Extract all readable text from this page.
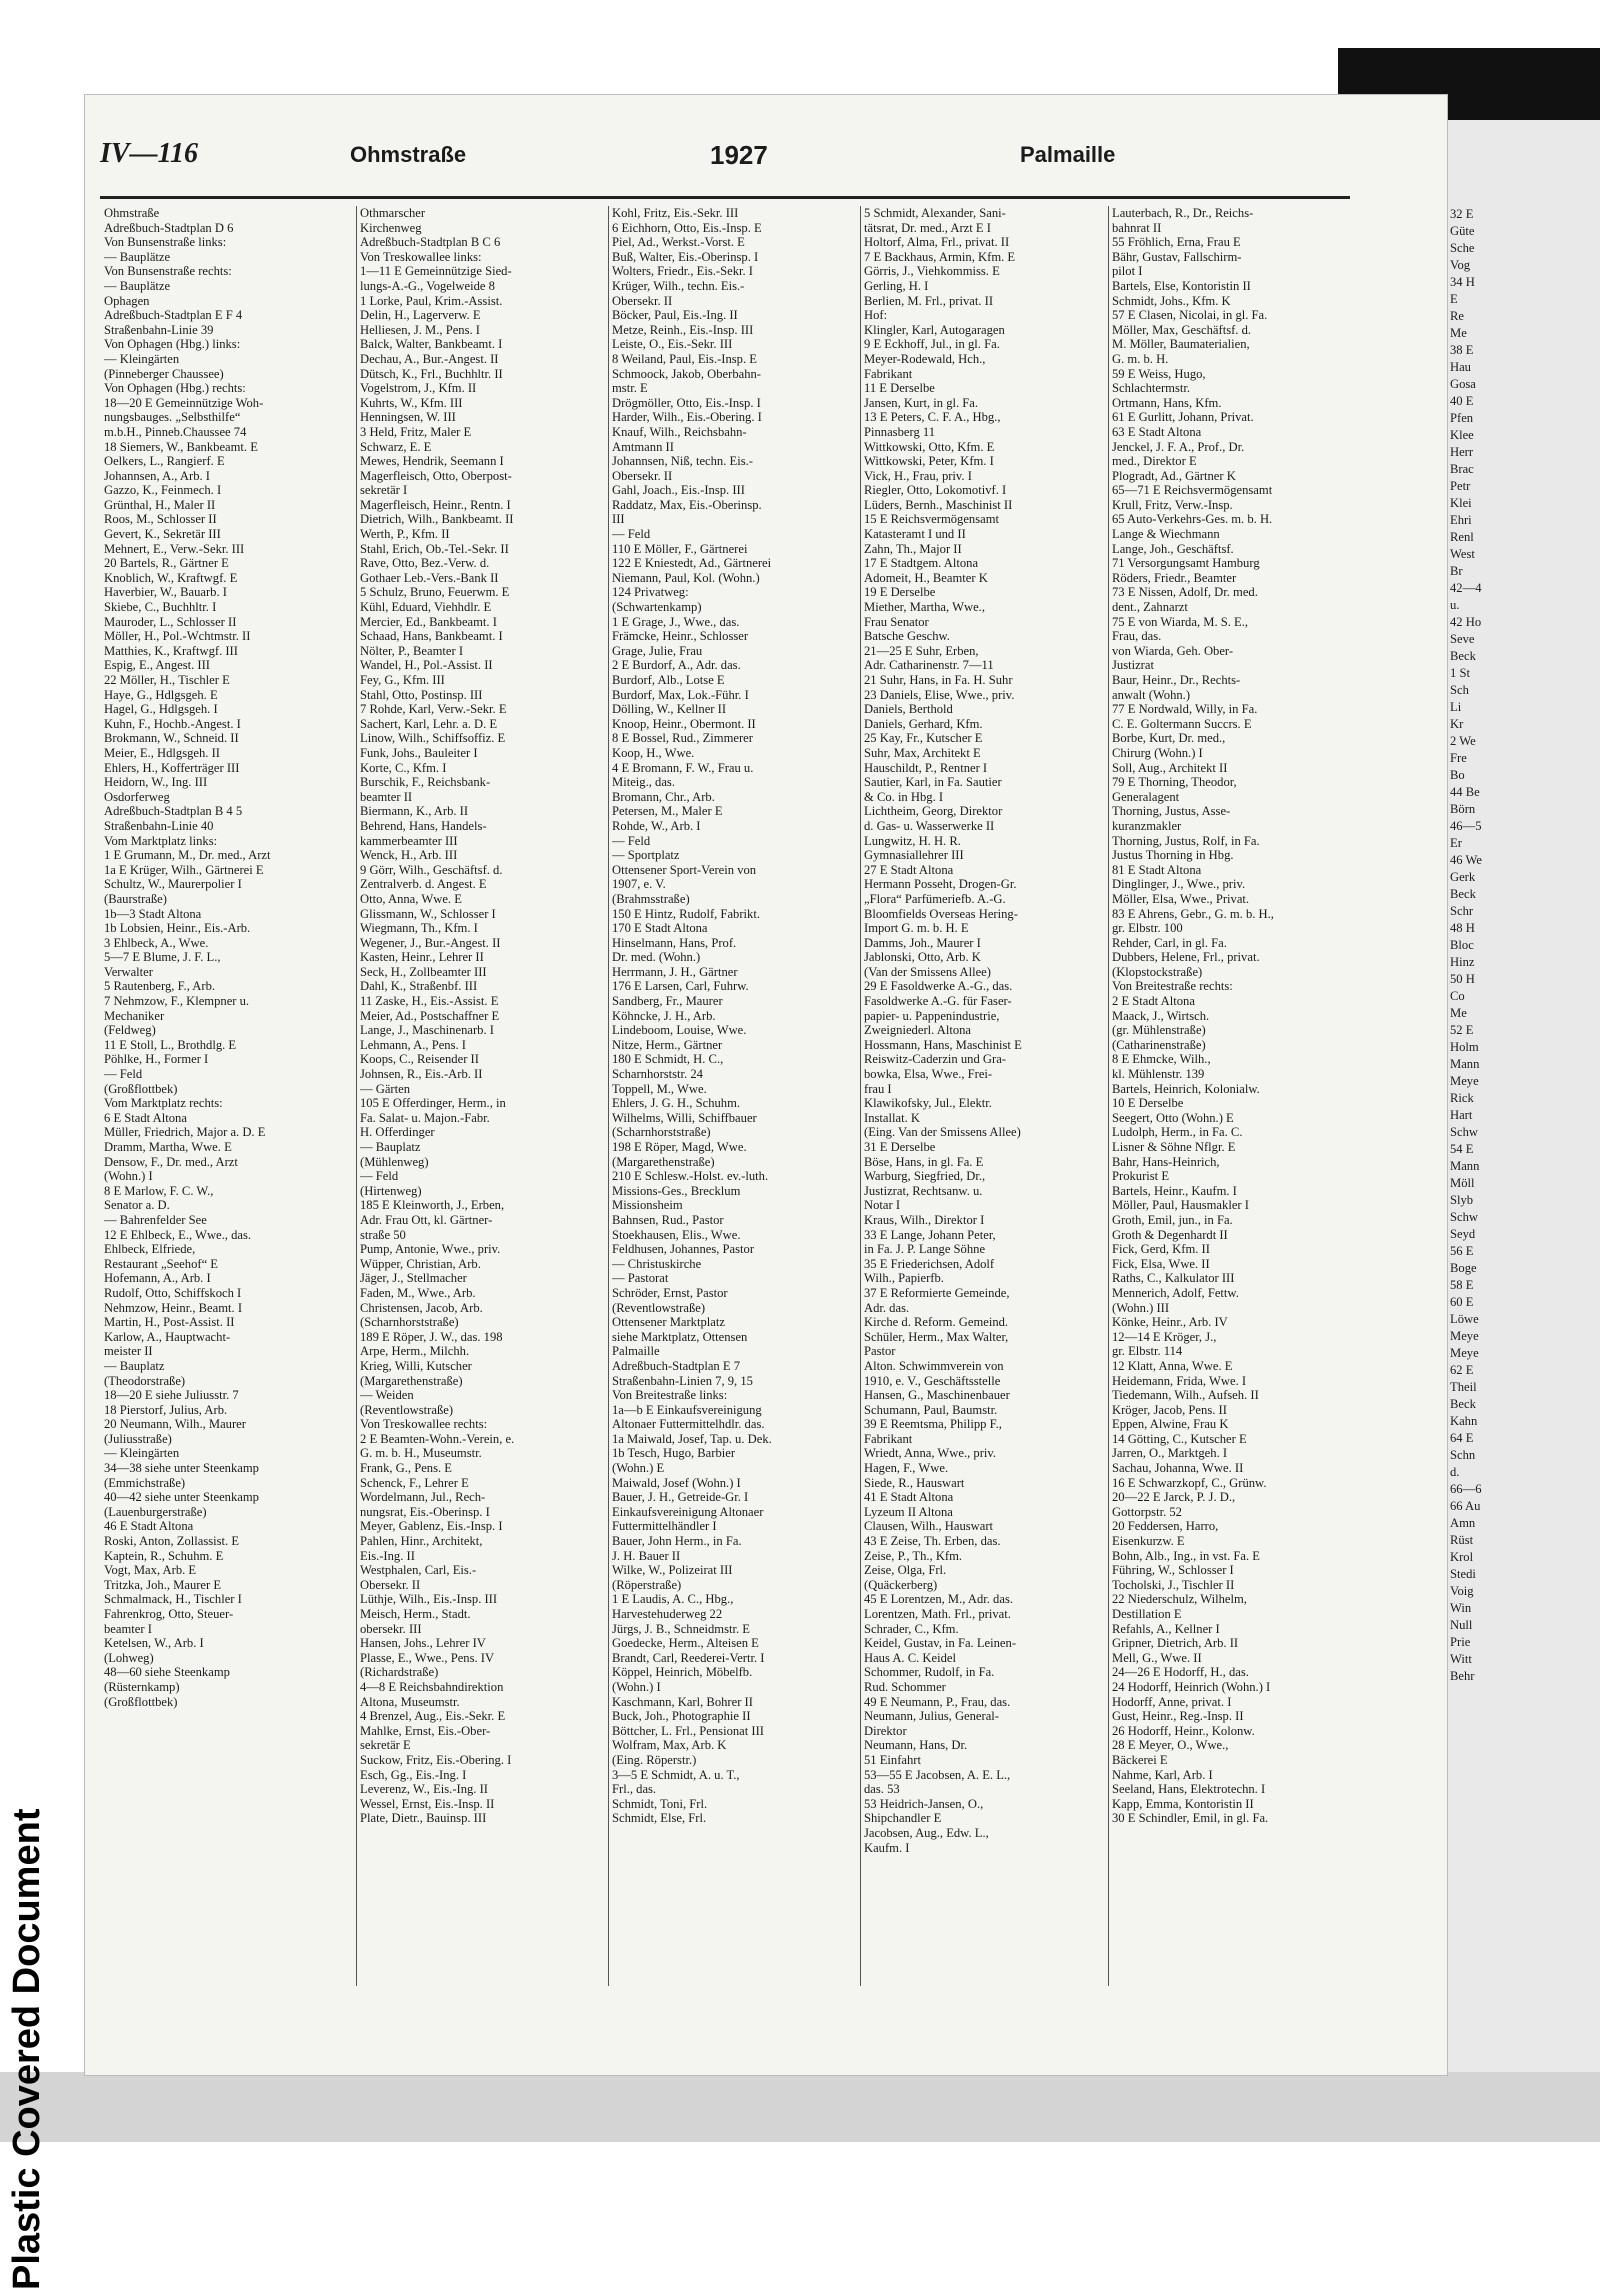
32 E
Güte
Sche
Vog
34 H
E
Re
Me
38 E
Hau
Gosa
40 E
Pfen
Klee
Herr
Brac
Petr
Klei
Ehri
Renl
West
Br
42—4
u.
42 Ho
Seve
Beck
1 St
Sch
Li
Kr
2 We
Fre
Bo
44 Be
Börn
46—5
Er
46 We
Gerk
Beck
Schr
48 H
Bloc
Hinz
50 H
Co
Me
52 E
Holm
Mann
Meye
Rick
Hart
Schw
54 E
Mann
Möll
Slyb
Schw
Seyd
56 E
Boge
58 E
60 E
Löwe
Meye
Meye
62 E
Theil
Beck
Kahn
64 E
Schn
d.
66—6
66 Au
Amn
Rüst
Krol
Stedi
Voig
Win
Null
Prie
Witt
Behr
Plastic Covered Document
IV—116	Ohmstraße	1927	Palmaille
Ohmstraße
Adreßbuch-Stadtplan D 6
Von Bunsenstraße links:
— Bauplätze
Von Bunsenstraße rechts:
— Bauplätze
Ophagen
Adreßbuch-Stadtplan E F 4
Straßenbahn-Linie 39
Von Ophagen (Hbg.) links:
— Kleingärten
(Pinneberger Chaussee)
Von Ophagen (Hbg.) rechts:
18—20 E Gemeinnützige Woh-
nungsbauges. „Selbsthilfe“
m.b.H., Pinneb.Chaussee 74
18 Siemers, W., Bankbeamt. E
Oelkers, L., Rangierf. E
Johannsen, A., Arb. I
Gazzo, K., Feinmech. I
Grünthal, H., Maler II
Roos, M., Schlosser II
Gevert, K., Sekretär III
Mehnert, E., Verw.-Sekr. III
20 Bartels, R., Gärtner E
Knoblich, W., Kraftwgf. E
Haverbier, W., Bauarb. I
Skiebe, C., Buchhltr. I
Mauroder, L., Schlosser II
Möller, H., Pol.-Wchtmstr. II
Matthies, K., Kraftwgf. III
Espig, E., Angest. III
22 Möller, H., Tischler E
Haye, G., Hdlgsgeh. E
Hagel, G., Hdlgsgeh. I
Kuhn, F., Hochb.-Angest. I
Brokmann, W., Schneid. II
Meier, E., Hdlgsgeh. II
Ehlers, H., Kofferträger III
Heidorn, W., Ing. III
Osdorferweg
Adreßbuch-Stadtplan B 4 5
Straßenbahn-Linie 40
Vom Marktplatz links:
1 E Grumann, M., Dr. med., Arzt
1a E Krüger, Wilh., Gärtnerei E
Schultz, W., Maurerpolier I
(Baurstraße)
1b—3 Stadt Altona
1b Lobsien, Heinr., Eis.-Arb.
3 Ehlbeck, A., Wwe.
5—7 E Blume, J. F. L.,
Verwalter
5 Rautenberg, F., Arb.
7 Nehmzow, F., Klempner u.
Mechaniker
(Feldweg)
11 E Stoll, L., Brothdlg. E
Pöhlke, H., Former I
— Feld
(Großflottbek)
Vom Marktplatz rechts:
6 E Stadt Altona
Müller, Friedrich, Major a. D. E
Dramm, Martha, Wwe. E
Densow, F., Dr. med., Arzt
(Wohn.) I
8 E Marlow, F. C. W.,
Senator a. D.
— Bahrenfelder See
12 E Ehlbeck, E., Wwe., das.
Ehlbeck, Elfriede,
Restaurant „Seehof“ E
Hofemann, A., Arb. I
Rudolf, Otto, Schiffskoch I
Nehmzow, Heinr., Beamt. I
Martin, H., Post-Assist. II
Karlow, A., Hauptwacht-
meister II
— Bauplatz
(Theodorstraße)
18—20 E siehe Juliusstr. 7
18 Pierstorf, Julius, Arb.
20 Neumann, Wilh., Maurer
(Juliusstraße)
— Kleingärten
34—38 siehe unter Steenkamp
(Emmichstraße)
40—42 siehe unter Steenkamp
(Lauenburgerstraße)
46 E Stadt Altona
Roski, Anton, Zollassist. E
Kaptein, R., Schuhm. E
Vogt, Max, Arb. E
Tritzka, Joh., Maurer E
Schmalmack, H., Tischler I
Fahrenkrog, Otto, Steuer-
beamter I
Ketelsen, W., Arb. I
(Lohweg)
48—60 siehe Steenkamp
(Rüsternkamp)
(Großflottbek)
Othmarscher
Kirchenweg
Adreßbuch-Stadtplan B C 6
Von Treskowallee links:
1—11 E Gemeinnützige Sied-
lungs-A.-G., Vogelweide 8
1 Lorke, Paul, Krim.-Assist.
Delin, H., Lagerverw. E
Helliesen, J. M., Pens. I
Balck, Walter, Bankbeamt. I
Dechau, A., Bur.-Angest. II
Dütsch, K., Frl., Buchhltr. II
Vogelstrom, J., Kfm. II
Kuhrts, W., Kfm. III
Henningsen, W. III
3 Held, Fritz, Maler E
Schwarz, E. E
Mewes, Hendrik, Seemann I
Magerfleisch, Otto, Oberpost-
sekretär I
Magerfleisch, Heinr., Rentn. I
Dietrich, Wilh., Bankbeamt. II
Werth, P., Kfm. II
Stahl, Erich, Ob.-Tel.-Sekr. II
Rave, Otto, Bez.-Verw. d.
Gothaer Leb.-Vers.-Bank II
5 Schulz, Bruno, Feuerwm. E
Kühl, Eduard, Viehhdlr. E
Mercier, Ed., Bankbeamt. I
Schaad, Hans, Bankbeamt. I
Nölter, P., Beamter I
Wandel, H., Pol.-Assist. II
Fey, G., Kfm. III
Stahl, Otto, Postinsp. III
7 Rohde, Karl, Verw.-Sekr. E
Sachert, Karl, Lehr. a. D. E
Linow, Wilh., Schiffsoffiz. E
Funk, Johs., Bauleiter I
Korte, C., Kfm. I
Burschik, F., Reichsbank-
beamter II
Biermann, K., Arb. II
Behrend, Hans, Handels-
kammerbeamter III
Wenck, H., Arb. III
9 Görr, Wilh., Geschäftsf. d.
Zentralverb. d. Angest. E
Otto, Anna, Wwe. E
Glissmann, W., Schlosser I
Wiegmann, Th., Kfm. I
Wegener, J., Bur.-Angest. II
Kasten, Heinr., Lehrer II
Seck, H., Zollbeamter III
Dahl, K., Straßenbf. III
11 Zaske, H., Eis.-Assist. E
Meier, Ad., Postschaffner E
Lange, J., Maschinenarb. I
Lehmann, A., Pens. I
Koops, C., Reisender II
Johnsen, R., Eis.-Arb. II
— Gärten
105 E Offerdinger, Herm., in
Fa. Salat- u. Majon.-Fabr.
H. Offerdinger
— Bauplatz
(Mühlenweg)
— Feld
(Hirtenweg)
185 E Kleinworth, J., Erben,
Adr. Frau Ott, kl. Gärtner-
straße 50
Pump, Antonie, Wwe., priv.
Wüpper, Christian, Arb.
Jäger, J., Stellmacher
Faden, M., Wwe., Arb.
Christensen, Jacob, Arb.
(Scharnhorststraße)
189 E Röper, J. W., das. 198
Arpe, Herm., Milchh.
Krieg, Willi, Kutscher
(Margarethenstraße)
— Weiden
(Reventlowstraße)
Von Treskowallee rechts:
2 E Beamten-Wohn.-Verein, e.
G. m. b. H., Museumstr.
Frank, G., Pens. E
Schenck, F., Lehrer E
Wordelmann, Jul., Rech-
nungsrat, Eis.-Oberinsp. I
Meyer, Gablenz, Eis.-Insp. I
Pahlen, Hinr., Architekt,
Eis.-Ing. II
Westphalen, Carl, Eis.-
Obersekr. II
Lüthje, Wilh., Eis.-Insp. III
Meisch, Herm., Stadt.
obersekr. III
Hansen, Johs., Lehrer IV
Plasse, E., Wwe., Pens. IV
(Richardstraße)
4—8 E Reichsbahndirektion
Altona, Museumstr.
4 Brenzel, Aug., Eis.-Sekr. E
Mahlke, Ernst, Eis.-Ober-
sekretär E
Suckow, Fritz, Eis.-Obering. I
Esch, Gg., Eis.-Ing. I
Leverenz, W., Eis.-Ing. II
Wessel, Ernst, Eis.-Insp. II
Plate, Dietr., Bauinsp. III
Kohl, Fritz, Eis.-Sekr. III
6 Eichhorn, Otto, Eis.-Insp. E
Piel, Ad., Werkst.-Vorst. E
Buß, Walter, Eis.-Oberinsp. I
Wolters, Friedr., Eis.-Sekr. I
Krüger, Wilh., techn. Eis.-
Obersekr. II
Böcker, Paul, Eis.-Ing. II
Metze, Reinh., Eis.-Insp. III
Leiste, O., Eis.-Sekr. III
8 Weiland, Paul, Eis.-Insp. E
Schmoock, Jakob, Oberbahn-
mstr. E
Drögmöller, Otto, Eis.-Insp. I
Harder, Wilh., Eis.-Obering. I
Knauf, Wilh., Reichsbahn-
Amtmann II
Johannsen, Niß, techn. Eis.-
Obersekr. II
Gahl, Joach., Eis.-Insp. III
Raddatz, Max, Eis.-Oberinsp.
III
— Feld
110 E Möller, F., Gärtnerei
122 E Kniestedt, Ad., Gärtnerei
Niemann, Paul, Kol. (Wohn.)
124 Privatweg:
(Schwartenkamp)
1 E Grage, J., Wwe., das.
Främcke, Heinr., Schlosser
Grage, Julie, Frau
2 E Burdorf, A., Adr. das.
Burdorf, Alb., Lotse E
Burdorf, Max, Lok.-Führ. I
Dölling, W., Kellner II
Knoop, Heinr., Obermont. II
8 E Bossel, Rud., Zimmerer
Koop, H., Wwe.
4 E Bromann, F. W., Frau u.
Miteig., das.
Bromann, Chr., Arb.
Petersen, M., Maler E
Rohde, W., Arb. I
— Feld
— Sportplatz
Ottensener Sport-Verein von
1907, e. V.
(Brahmsstraße)
150 E Hintz, Rudolf, Fabrikt.
170 E Stadt Altona
Hinselmann, Hans, Prof.
Dr. med. (Wohn.)
Herrmann, J. H., Gärtner
176 E Larsen, Carl, Fuhrw.
Sandberg, Fr., Maurer
Köhncke, J. H., Arb.
Lindeboom, Louise, Wwe.
Nitze, Herm., Gärtner
180 E Schmidt, H. C.,
Scharnhorststr. 24
Toppell, M., Wwe.
Ehlers, J. G. H., Schuhm.
Wilhelms, Willi, Schiffbauer
(Scharnhorststraße)
198 E Röper, Magd, Wwe.
(Margarethenstraße)
210 E Schlesw.-Holst. ev.-luth.
Missions-Ges., Brecklum
Missionsheim
Bahnsen, Rud., Pastor
Stoekhausen, Elis., Wwe.
Feldhusen, Johannes, Pastor
— Christuskirche
— Pastorat
Schröder, Ernst, Pastor
(Reventlowstraße)
Ottensener Marktplatz
siehe Marktplatz, Ottensen
Palmaille
Adreßbuch-Stadtplan E 7
Straßenbahn-Linien 7, 9, 15
Von Breitestraße links:
1a—b E Einkaufsvereinigung
Altonaer Futtermittelhdlr. das.
1a Maiwald, Josef, Tap. u. Dek.
1b Tesch, Hugo, Barbier
(Wohn.) E
Maiwald, Josef (Wohn.) I
Bauer, J. H., Getreide-Gr. I
Einkaufsvereinigung Altonaer
Futtermittelhändler I
Bauer, John Herm., in Fa.
J. H. Bauer II
Wilke, W., Polizeirat III
(Röperstraße)
1 E Laudis, A. C., Hbg.,
Harvestehuderweg 22
Jürgs, J. B., Schneidmstr. E
Goedecke, Herm., Alteisen E
Brandt, Carl, Reederei-Vertr. I
Köppel, Heinrich, Möbelfb.
(Wohn.) I
Kaschmann, Karl, Bohrer II
Buck, Joh., Photographie II
Böttcher, L. Frl., Pensionat III
Wolfram, Max, Arb. K
(Eing. Röperstr.)
3—5 E Schmidt, A. u. T.,
Frl., das.
Schmidt, Toni, Frl.
Schmidt, Else, Frl.
5 Schmidt, Alexander, Sani-
tätsrat, Dr. med., Arzt E I
Holtorf, Alma, Frl., privat. II
7 E Backhaus, Armin, Kfm. E
Görris, J., Viehkommiss. E
Gerling, H. I
Berlien, M. Frl., privat. II
Hof:
Klingler, Karl, Autogaragen
9 E Eckhoff, Jul., in gl. Fa.
Meyer-Rodewald, Hch.,
Fabrikant
11 E Derselbe
Jansen, Kurt, in gl. Fa.
13 E Peters, C. F. A., Hbg.,
Pinnasberg 11
Wittkowski, Otto, Kfm. E
Wittkowski, Peter, Kfm. I
Vick, H., Frau, priv. I
Riegler, Otto, Lokomotivf. I
Lüders, Bernh., Maschinist II
15 E Reichsvermögensamt
Katasteramt I und II
Zahn, Th., Major II
17 E Stadtgem. Altona
Adomeit, H., Beamter K
19 E Derselbe
Miether, Martha, Wwe.,
Frau Senator
Batsche Geschw.
21—25 E Suhr, Erben,
Adr. Catharinenstr. 7—11
21 Suhr, Hans, in Fa. H. Suhr
23 Daniels, Elise, Wwe., priv.
Daniels, Berthold
Daniels, Gerhard, Kfm.
25 Kay, Fr., Kutscher E
Suhr, Max, Architekt E
Hauschildt, P., Rentner I
Sautier, Karl, in Fa. Sautier
& Co. in Hbg. I
Lichtheim, Georg, Direktor
d. Gas- u. Wasserwerke II
Lungwitz, H. H. R.
Gymnasiallehrer III
27 E Stadt Altona
Hermann Posseht, Drogen-Gr.
„Flora“ Parfümeriefb. A.-G.
Bloomfields Overseas Hering-
Import G. m. b. H. E
Damms, Joh., Maurer I
Jablonski, Otto, Arb. K
(Van der Smissens Allee)
29 E Fasoldwerke A.-G., das.
Fasoldwerke A.-G. für Faser-
papier- u. Pappenindustrie,
Zweigniederl. Altona
Hossmann, Hans, Maschinist E
Reiswitz-Caderzin und Gra-
bowka, Elsa, Wwe., Frei-
frau I
Klawikofsky, Jul., Elektr.
Installat. K
(Eing. Van der Smissens Allee)
31 E Derselbe
Böse, Hans, in gl. Fa. E
Warburg, Siegfried, Dr.,
Justizrat, Rechtsanw. u.
Notar I
Kraus, Wilh., Direktor I
33 E Lange, Johann Peter,
in Fa. J. P. Lange Söhne
35 E Friederichsen, Adolf
Wilh., Papierfb.
37 E Reformierte Gemeinde,
Adr. das.
Kirche d. Reform. Gemeind.
Schüler, Herm., Max Walter,
Pastor
Alton. Schwimmverein von
1910, e. V., Geschäftsstelle
Hansen, G., Maschinenbauer
Schumann, Paul, Baumstr.
39 E Reemtsma, Philipp F.,
Fabrikant
Wriedt, Anna, Wwe., priv.
Hagen, F., Wwe.
Siede, R., Hauswart
41 E Stadt Altona
Lyzeum II Altona
Clausen, Wilh., Hauswart
43 E Zeise, Th. Erben, das.
Zeise, P., Th., Kfm.
Zeise, Olga, Frl.
(Quäckerberg)
45 E Lorentzen, M., Adr. das.
Lorentzen, Math. Frl., privat.
Schrader, C., Kfm.
Keidel, Gustav, in Fa. Leinen-
Haus A. C. Keidel
Schommer, Rudolf, in Fa.
Rud. Schommer
49 E Neumann, P., Frau, das.
Neumann, Julius, General-
Direktor
Neumann, Hans, Dr.
51 Einfahrt
53—55 E Jacobsen, A. E. L.,
das. 53
53 Heidrich-Jansen, O.,
Shipchandler E
Jacobsen, Aug., Edw. L.,
Kaufm. I
Lauterbach, R., Dr., Reichs-
bahnrat II
55 Fröhlich, Erna, Frau E
Bähr, Gustav, Fallschirm-
pilot I
Bartels, Else, Kontoristin II
Schmidt, Johs., Kfm. K
57 E Clasen, Nicolai, in gl. Fa.
Möller, Max, Geschäftsf. d.
M. Möller, Baumaterialien,
G. m. b. H.
59 E Weiss, Hugo,
Schlachtermstr.
Ortmann, Hans, Kfm.
61 E Gurlitt, Johann, Privat.
63 E Stadt Altona
Jenckel, J. F. A., Prof., Dr.
med., Direktor E
Plogradt, Ad., Gärtner K
65—71 E Reichsvermögensamt
Krull, Fritz, Verw.-Insp.
65 Auto-Verkehrs-Ges. m. b. H.
Lange & Wiechmann
Lange, Joh., Geschäftsf.
71 Versorgungsamt Hamburg
Röders, Friedr., Beamter
73 E Nissen, Adolf, Dr. med.
dent., Zahnarzt
75 E von Wiarda, M. S. E.,
Frau, das.
von Wiarda, Geh. Ober-
Justizrat
Baur, Heinr., Dr., Rechts-
anwalt (Wohn.)
77 E Nordwald, Willy, in Fa.
C. E. Goltermann Succrs. E
Borbe, Kurt, Dr. med.,
Chirurg (Wohn.) I
Soll, Aug., Architekt II
79 E Thorning, Theodor,
Generalagent
Thorning, Justus, Asse-
kuranzmakler
Thorning, Justus, Rolf, in Fa.
Justus Thorning in Hbg.
81 E Stadt Altona
Dinglinger, J., Wwe., priv.
Möller, Elsa, Wwe., Privat.
83 E Ahrens, Gebr., G. m. b. H.,
gr. Elbstr. 100
Rehder, Carl, in gl. Fa.
Dubbers, Helene, Frl., privat.
(Klopstockstraße)
Von Breitestraße rechts:
2 E Stadt Altona
Maack, J., Wirtsch.
(gr. Mühlenstraße)
(Catharinenstraße)
8 E Ehmcke, Wilh.,
kl. Mühlenstr. 139
Bartels, Heinrich, Kolonialw.
10 E Derselbe
Seegert, Otto (Wohn.) E
Ludolph, Herm., in Fa. C.
Lisner & Söhne Nflgr. E
Bahr, Hans-Heinrich,
Prokurist E
Bartels, Heinr., Kaufm. I
Möller, Paul, Hausmakler I
Groth, Emil, jun., in Fa.
Groth & Degenhardt II
Fick, Gerd, Kfm. II
Fick, Elsa, Wwe. II
Raths, C., Kalkulator III
Mennerich, Adolf, Fettw.
(Wohn.) III
Könke, Heinr., Arb. IV
12—14 E Kröger, J.,
gr. Elbstr. 114
12 Klatt, Anna, Wwe. E
Heidemann, Frida, Wwe. I
Tiedemann, Wilh., Aufseh. II
Kröger, Jacob, Pens. II
Eppen, Alwine, Frau K
14 Götting, C., Kutscher E
Jarren, O., Marktgeh. I
Sachau, Johanna, Wwe. II
16 E Schwarzkopf, C., Grünw.
20—22 E Jarck, P. J. D.,
Gottorpstr. 52
20 Feddersen, Harro,
Eisenkurzw. E
Bohn, Alb., Ing., in vst. Fa. E
Führing, W., Schlosser I
Tocholski, J., Tischler II
22 Niederschulz, Wilhelm,
Destillation E
Refahls, A., Kellner I
Gripner, Dietrich, Arb. II
Mell, G., Wwe. II
24—26 E Hodorff, H., das.
24 Hodorff, Heinrich (Wohn.) I
Hodorff, Anne, privat. I
Gust, Heinr., Reg.-Insp. II
26 Hodorff, Heinr., Kolonw.
28 E Meyer, O., Wwe.,
Bäckerei E
Nahme, Karl, Arb. I
Seeland, Hans, Elektrotechn. I
Kapp, Emma, Kontoristin II
30 E Schindler, Emil, in gl. Fa.
